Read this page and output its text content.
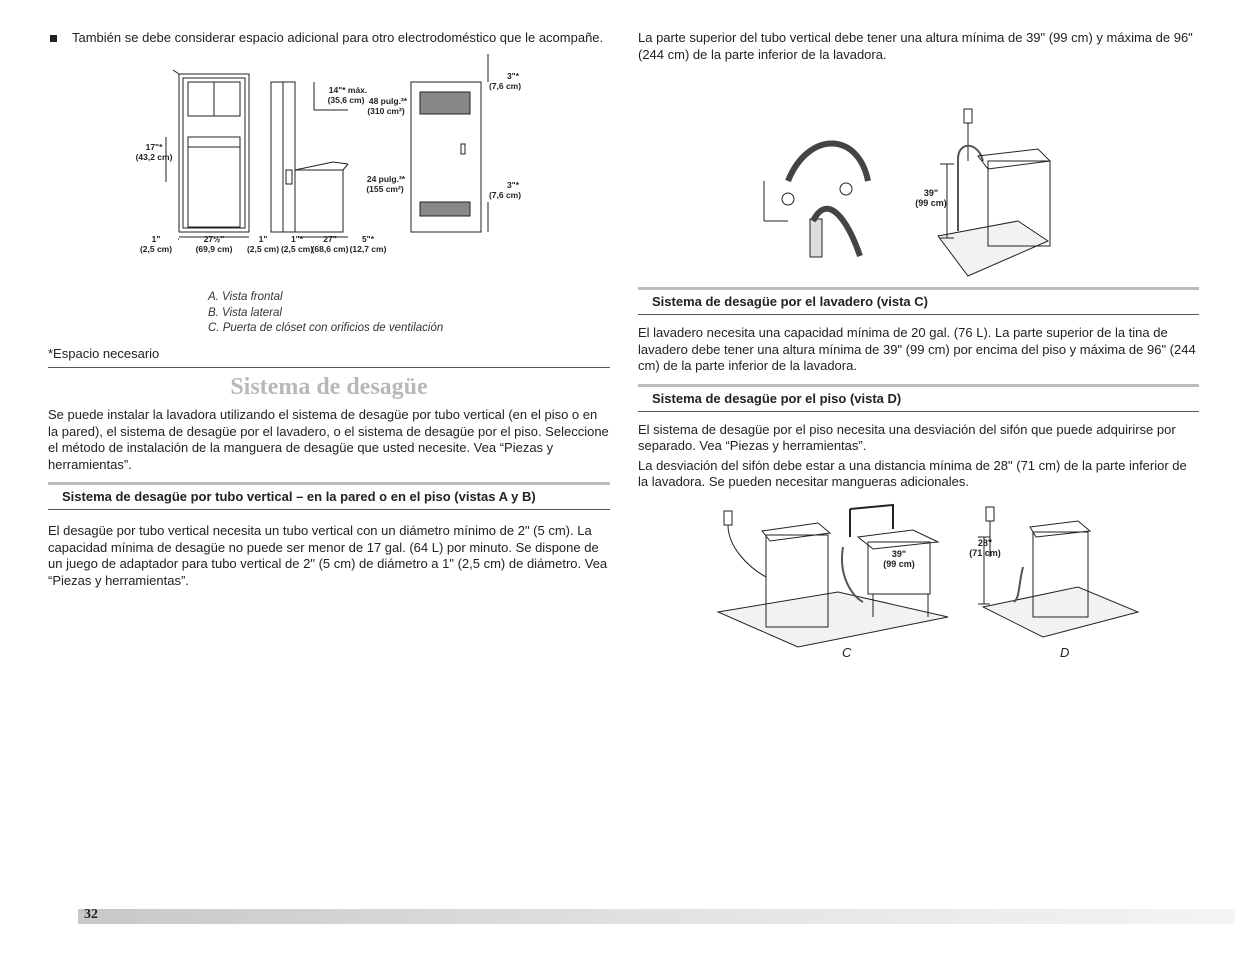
También se debe considerar espacio adicional para otro electrodoméstico que le acompañe.
17"*
(43,2 cm)
1"
(2,5 cm)
27½"
(69,9 cm)
1"
(2,5 cm)
1"*
(2,5 cm)
27"
(68,6 cm)
5"*
(12,7 cm)
14"* máx.
(35,6 cm) 48 pulg.²*
(310 cm²)
24 pulg.²*
(155 cm²)
3"*
(7,6 cm)
3"*
(7,6 cm)
A. Vista frontal
B. Vista lateral
C. Puerta de clóset con orificios de ventilación

*Espacio necesario

Sistema de desagüe

Se puede instalar la lavadora utilizando el sistema de desagüe por tubo vertical (en el piso o en la pared), el sistema de desagüe por el lavadero, o el sistema de desagüe por el piso. Seleccione el método de instalación de la manguera de desagüe que usted necesite. Vea “Piezas y herramientas”.

Sistema de desagüe por tubo vertical – en la pared o en el piso (vistas A y B)

El desagüe por tubo vertical necesita un tubo vertical con un diámetro mínimo de 2" (5 cm). La capacidad mínima de desagüe no puede ser menor de 17 gal. (64 L) por minuto. Se dispone de un juego de adaptador para tubo vertical de 2" (5 cm) de diámetro a 1" (2,5 cm) de diámetro. Vea “Piezas y herramientas”.

La parte superior del tubo vertical debe tener una altura mínima de 39" (99 cm) y máxima de 96" (244 cm) de la parte inferior de la lavadora.

39"
(99 cm)
Sistema de desagüe por el lavadero (vista C)

El lavadero necesita una capacidad mínima de 20 gal. (76 L). La parte superior de la tina de lavadero debe tener una altura mínima de 39" (99 cm) por encima del piso y máxima de 96" (244 cm) de la parte inferior de la lavadora.

Sistema de desagüe por el piso (vista D)

El sistema de desagüe por el piso necesita una desviación del sifón que puede adquirirse por separado. Vea “Piezas y herramientas”.

La desviación del sifón debe estar a una distancia mínima de 28" (71 cm) de la parte inferior de la lavadora. Se pueden necesitar mangueras adicionales.

39"
(99 cm)
28"
(71 cm)
C	D
32
